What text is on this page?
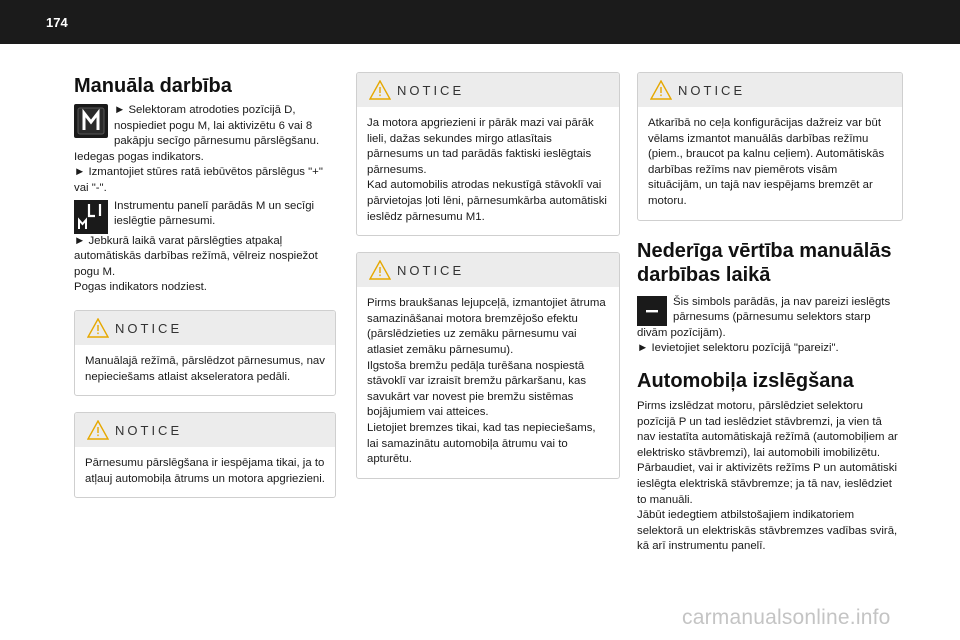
174
Manuāla darbība

► Selektoram atrodoties pozīcijā D, nospiediet pogu M, lai aktivizētu 6 vai 8 pakāpju secīgo pārnesumu pārslēgšanu.

Iedegas pogas indikators.

► Izmantojiet stūres ratā iebūvētos pārslēgus "+" vai "-".

Instrumentu panelī parādās M un secīgi ieslēgtie pārnesumi.

► Jebkurā laikā varat pārslēgties atpakaļ automātiskās darbības režīmā, vēlreiz nospiežot pogu M.

Pogas indikators nodziest.

NOTICE

Manuālajā režīmā, pārslēdzot pārnesumus, nav nepieciešams atlaist akseleratora pedāli.

NOTICE

Pārnesumu pārslēgšana ir iespējama tikai, ja to atļauj automobiļa ātrums un motora apgriezieni.

NOTICE

Ja motora apgriezieni ir pārāk mazi vai pārāk lieli, dažas sekundes mirgo atlasītais pārnesums un tad parādās faktiski ieslēgtais pārnesums.
Kad automobilis atrodas nekustīgā stāvoklī vai pārvietojas ļoti lēni, pārnesumkārba automātiski ieslēdz pārnesumu M1.

NOTICE

Pirms braukšanas lejupceļā, izmantojiet ātruma samazināšanai motora bremzējošo efektu (pārslēdzieties uz zemāku pārnesumu vai atlasiet zemāku pārnesumu).
Ilgstoša bremžu pedāļa turēšana nospiestā stāvoklī var izraisīt bremžu pārkaršanu, kas savukārt var novest pie bremžu sistēmas bojājumiem vai atteices.
Lietojiet bremzes tikai, kad tas nepieciešams, lai samazinātu automobiļa ātrumu vai to apturētu.

NOTICE

Atkarībā no ceļa konfigurācijas dažreiz var būt vēlams izmantot manuālās darbības režīmu (piem., braucot pa kalnu ceļiem). Automātiskās darbības režīms nav piemērots visām situācijām, un tajā nav iespējams bremzēt ar motoru.

Nederīga vērtība manuālās darbības laikā

Šis simbols parādās, ja nav pareizi ieslēgts pārnesums (pārnesumu selektors starp divām pozīcijām).

► Ievietojiet selektoru pozīcijā "pareizi".

Automobiļa izslēgšana

Pirms izslēdzat motoru, pārslēdziet selektoru pozīcijā P un tad ieslēdziet stāvbremzi, ja vien tā nav iestatīta automātiskajā režīmā (automobiļiem ar elektrisko stāvbremzi), lai automobili imobilizētu.

Pārbaudiet, vai ir aktivizēts režīms P un automātiski ieslēgta elektriskā stāvbremze; ja tā nav, ieslēdziet to manuāli.

Jābūt iedegtiem atbilstošajiem indikatoriem selektorā un elektriskās stāvbremzes vadības svirā, kā arī instrumentu panelī.

carmanualsonline.info
